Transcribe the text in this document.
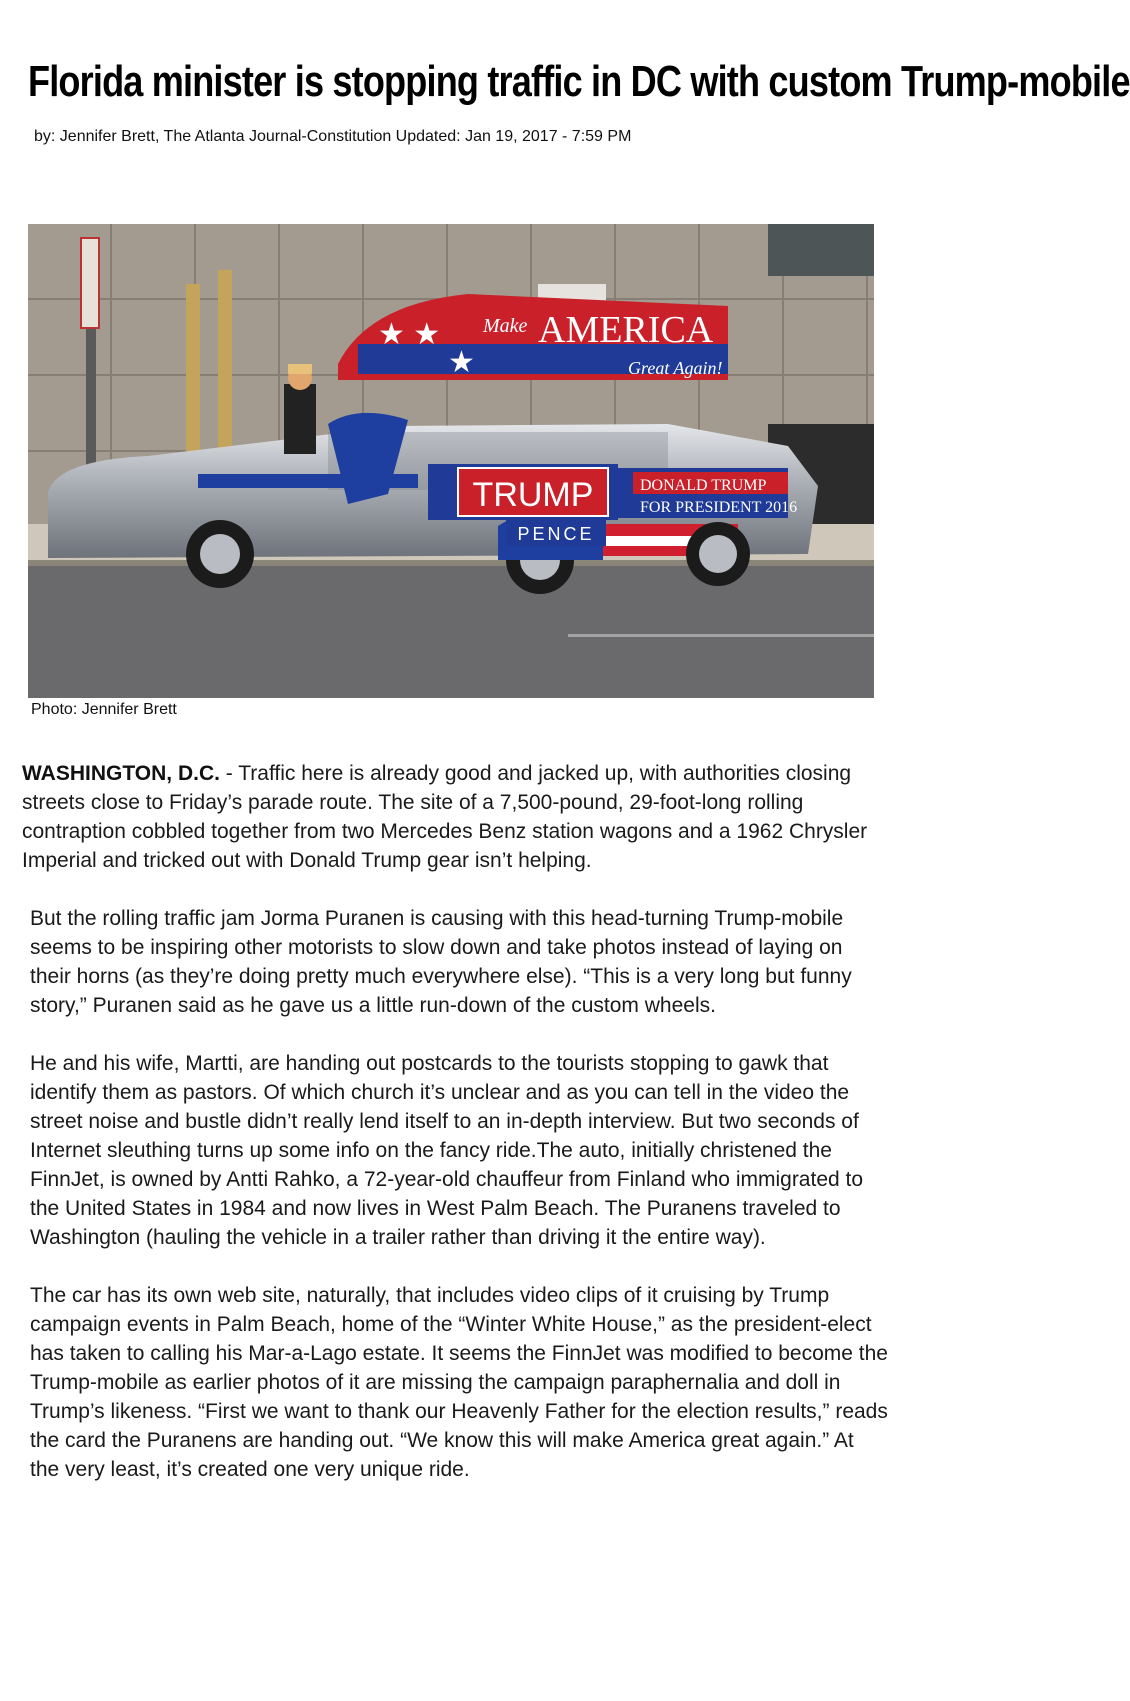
Florida minister is stopping traffic in DC with custom Trump-mobile
by: Jennifer Brett, The Atlanta Journal-Constitution Updated: Jan 19, 2017 - 7:59 PM
Make AMERICA
Great Again!
★ ★
★
TRUMP
PENCE
DONALD TRUMP
FOR PRESIDENT 2016
Photo: Jennifer Brett

WASHINGTON, D.C. - Traffic here is already good and jacked up, with authorities closing streets close to Friday’s parade route. The site of a 7,500-pound, 29-foot-long rolling contraption cobbled together from two Mercedes Benz station wagons and a 1962 Chrysler Imperial and tricked out with Donald Trump gear isn’t helping.

But the rolling traffic jam Jorma Puranen is causing with this head-turning Trump-mobile seems to be inspiring other motorists to slow down and take photos instead of laying on their horns (as they’re doing pretty much everywhere else). “This is a very long but funny story,” Puranen said as he gave us a little run-down of the custom wheels.

He and his wife, Martti, are handing out postcards to the tourists stopping to gawk that identify them as pastors. Of which church it’s unclear and as you can tell in the video the street noise and bustle didn’t really lend itself to an in-depth interview. But two seconds of Internet sleuthing turns up some info on the fancy ride.The auto, initially christened the FinnJet, is owned by Antti Rahko, a 72-year-old chauffeur from Finland who immigrated to the United States in 1984 and now lives in West Palm Beach. The Puranens traveled to Washington (hauling the vehicle in a trailer rather than driving it the entire way).

The car has its own web site, naturally, that includes video clips of it cruising by Trump campaign events in Palm Beach, home of the “Winter White House,” as the president-elect has taken to calling his Mar-a-Lago estate. It seems the FinnJet was modified to become the Trump-mobile as earlier photos of it are missing the campaign paraphernalia and doll in Trump’s likeness. “First we want to thank our Heavenly Father for the election results,” reads the card the Puranens are handing out. “We know this will make America great again.” At the very least, it’s created one very unique ride.
